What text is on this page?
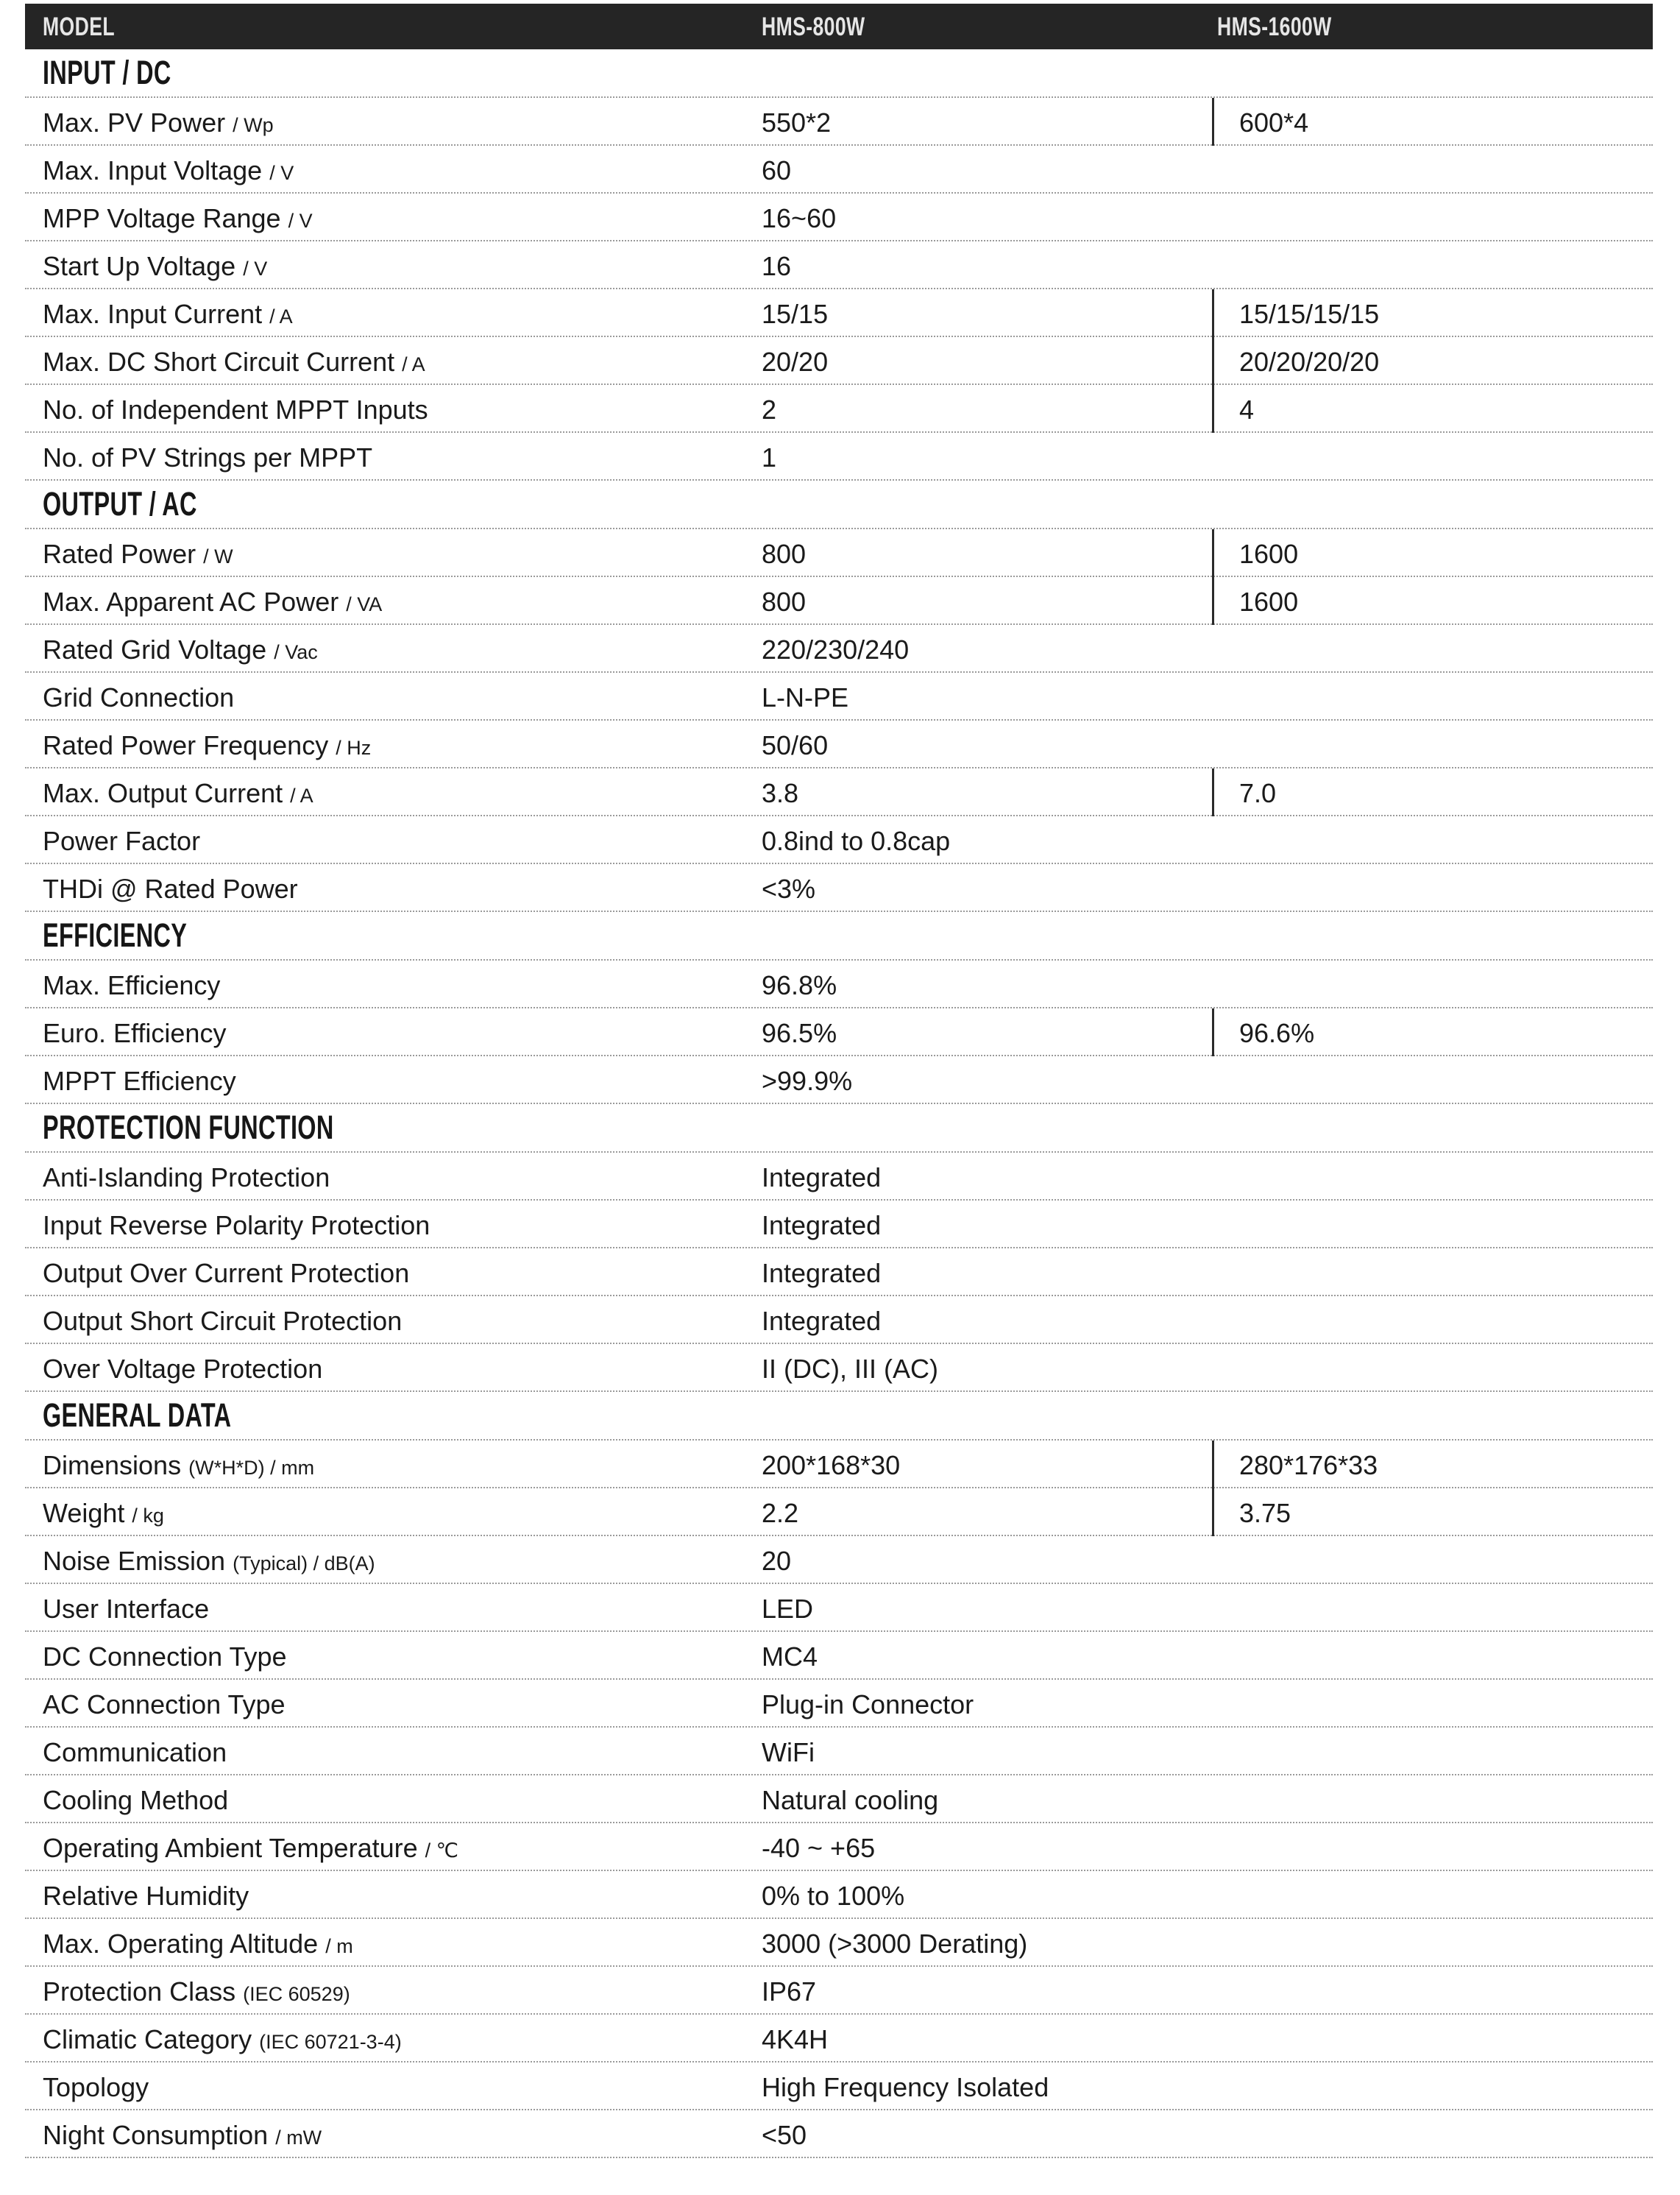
MODEL	HMS-800W	HMS-1600W
INPUT / DC
Max. PV Power / Wp	550*2	600*4
Max. Input Voltage / V	60
MPP Voltage Range / V	16~60
Start Up Voltage / V	16
Max. Input Current / A	15/15	15/15/15/15
Max. DC Short Circuit Current / A	20/20	20/20/20/20
No. of Independent MPPT Inputs	2	4
No. of PV Strings per MPPT	1
OUTPUT / AC
Rated Power / W	800	1600
Max. Apparent AC Power / VA	800	1600
Rated Grid Voltage / Vac	220/230/240
Grid Connection	L-N-PE
Rated Power Frequency / Hz	50/60
Max. Output Current / A	3.8	7.0
Power Factor	0.8ind to 0.8cap
THDi @ Rated Power	<3%
EFFICIENCY
Max. Efficiency	96.8%
Euro. Efficiency	96.5%	96.6%
MPPT Efficiency	>99.9%
PROTECTION FUNCTION
Anti-Islanding Protection	Integrated
Input Reverse Polarity Protection	Integrated
Output Over Current Protection	Integrated
Output Short Circuit Protection	Integrated
Over Voltage Protection	II (DC), III (AC)
GENERAL DATA
Dimensions (W*H*D) / mm	200*168*30	280*176*33
Weight / kg	2.2	3.75
Noise Emission (Typical) / dB(A)	20
User Interface	LED
DC Connection Type	MC4
AC Connection Type	Plug-in Connector
Communication	WiFi
Cooling Method	Natural cooling
Operating Ambient Temperature / ℃	-40 ~ +65
Relative Humidity	0% to 100%
Max. Operating Altitude / m	3000 (>3000 Derating)
Protection Class (IEC 60529)	IP67
Climatic Category (IEC 60721-3-4)	4K4H
Topology	High Frequency Isolated
Night Consumption / mW	<50
